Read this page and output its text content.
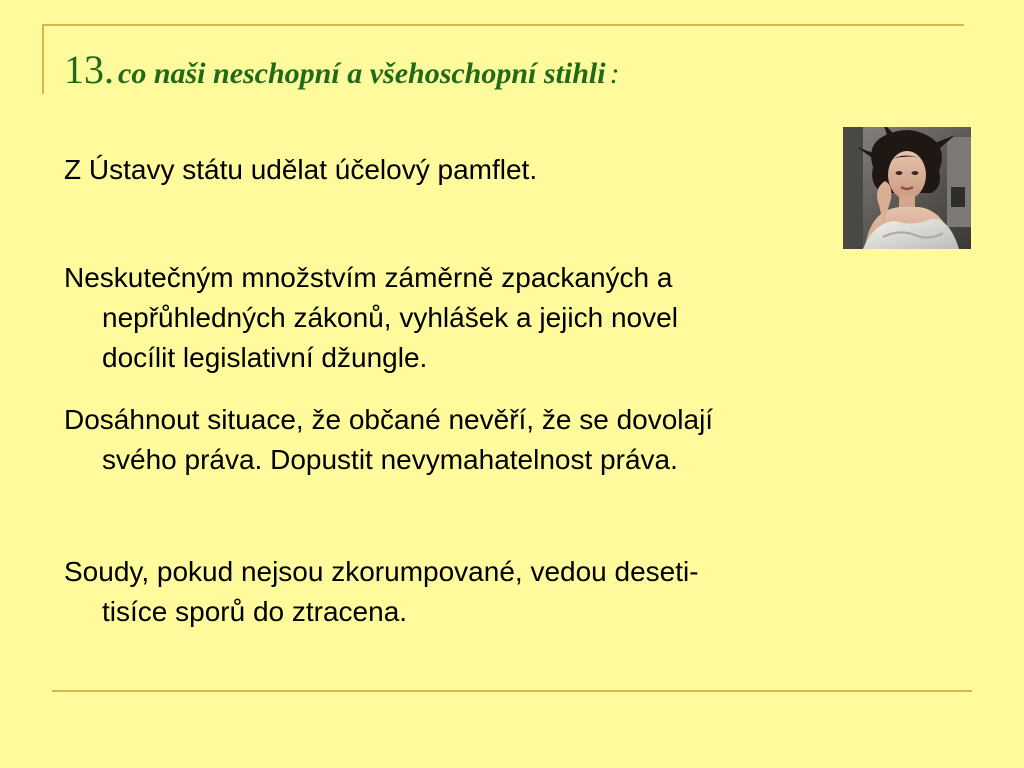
13. co naši neschopní a všehoschopní stihli :
Z Ústavy státu udělat účelový pamflet.
Neskutečným množstvím záměrně zpackaných a
nepřůhledných zákonů, vyhlášek a jejich novel
docílit legislativní džungle.
Dosáhnout situace, že občané nevěří, že se dovolají
svého práva. Dopustit nevymahatelnost práva.
Soudy, pokud nejsou zkorumpované, vedou deseti-
tisíce sporů do ztracena.
